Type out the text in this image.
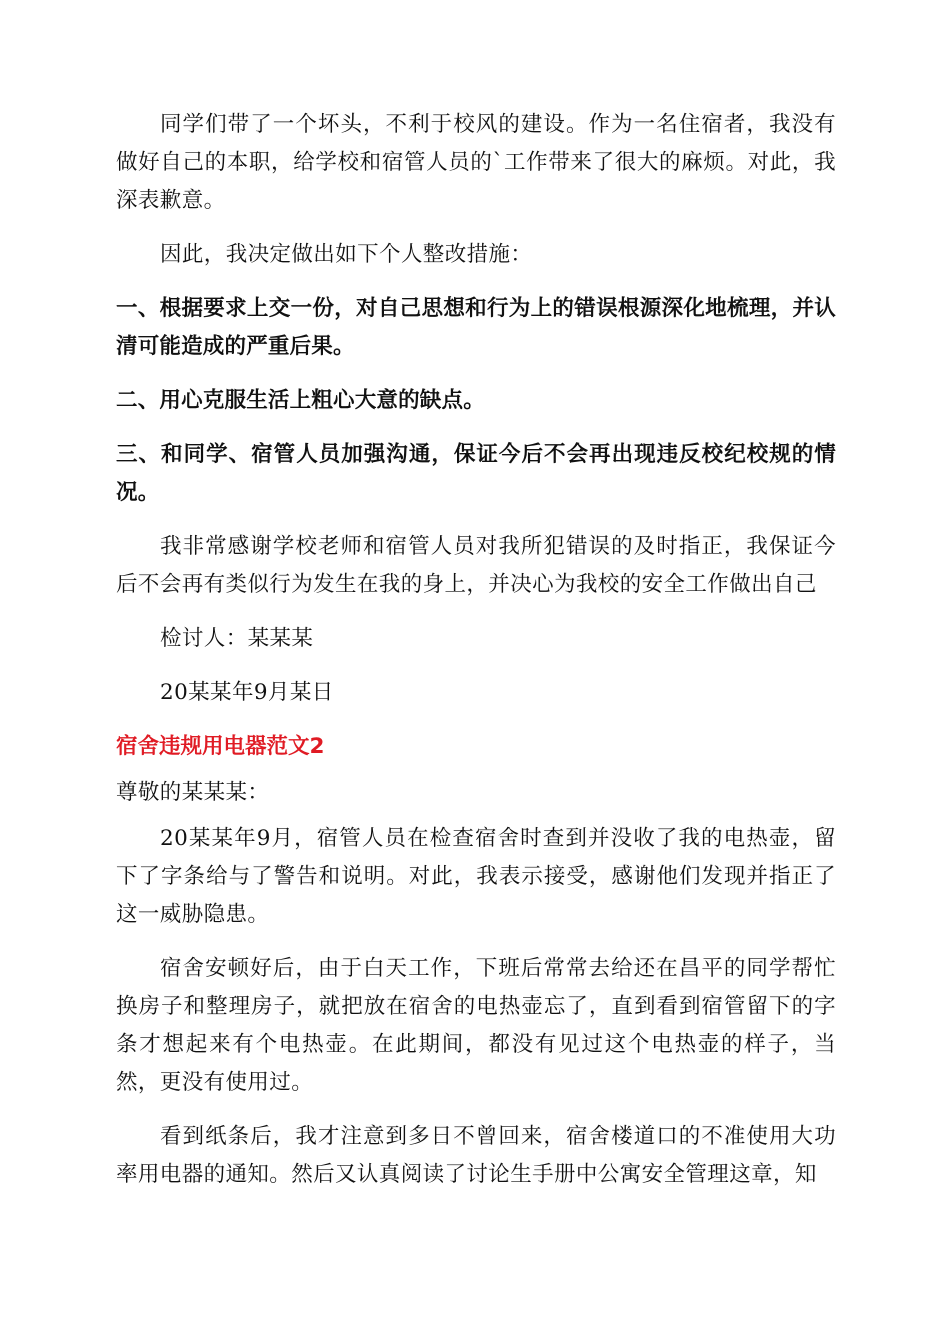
同学们带了一个坏头，不利于校风的建设。作为一名住宿者，我没有做好自己的本职，给学校和宿管人员的`工作带来了很大的麻烦。对此，我深表歉意。

因此，我决定做出如下个人整改措施：

一、根据要求上交一份，对自己思想和行为上的错误根源深化地梳理，并认清可能造成的严重后果。

二、用心克服生活上粗心大意的缺点。

三、和同学、宿管人员加强沟通，保证今后不会再出现违反校纪校规的情况。

我非常感谢学校老师和宿管人员对我所犯错误的及时指正，我保证今后不会再有类似行为发生在我的身上，并决心为我校的安全工作做出自己

检讨人：某某某

20某某年9月某日

宿舍违规用电器范文2

尊敬的某某某：

20某某年9月，宿管人员在检查宿舍时查到并没收了我的电热壶，留下了字条给与了警告和说明。对此，我表示接受，感谢他们发现并指正了这一威胁隐患。

宿舍安顿好后，由于白天工作，下班后常常去给还在昌平的同学帮忙换房子和整理房子，就把放在宿舍的电热壶忘了，直到看到宿管留下的字条才想起来有个电热壶。在此期间，都没有见过这个电热壶的样子，当然，更没有使用过。

看到纸条后，我才注意到多日不曾回来，宿舍楼道口的不准使用大功率用电器的通知。然后又认真阅读了讨论生手册中公寓安全管理这章，知
